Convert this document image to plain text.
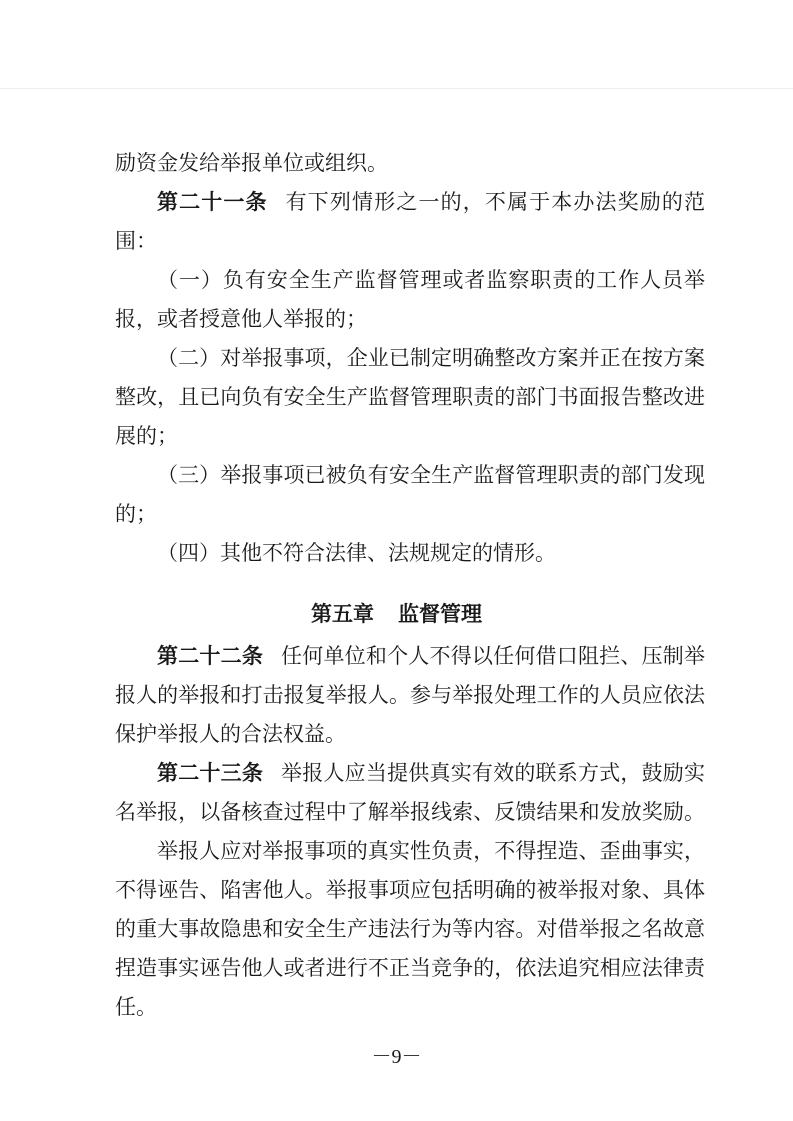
励资金发给举报单位或组织。
第二十一条 有下列情形之一的，不属于本办法奖励的范
围：
（一）负有安全生产监督管理或者监察职责的工作人员举
报，或者授意他人举报的；
（二）对举报事项，企业已制定明确整改方案并正在按方案
整改，且已向负有安全生产监督管理职责的部门书面报告整改进
展的；
（三）举报事项已被负有安全生产监督管理职责的部门发现
的；
（四）其他不符合法律、法规规定的情形。
第五章 监督管理
第二十二条 任何单位和个人不得以任何借口阻拦、压制举
报人的举报和打击报复举报人。参与举报处理工作的人员应依法
保护举报人的合法权益。
第二十三条 举报人应当提供真实有效的联系方式，鼓励实
名举报，以备核查过程中了解举报线索、反馈结果和发放奖励。
举报人应对举报事项的真实性负责，不得捏造、歪曲事实，
不得诬告、陷害他人。举报事项应包括明确的被举报对象、具体
的重大事故隐患和安全生产违法行为等内容。对借举报之名故意
捏造事实诬告他人或者进行不正当竞争的，依法追究相应法律责
任。
－9－
